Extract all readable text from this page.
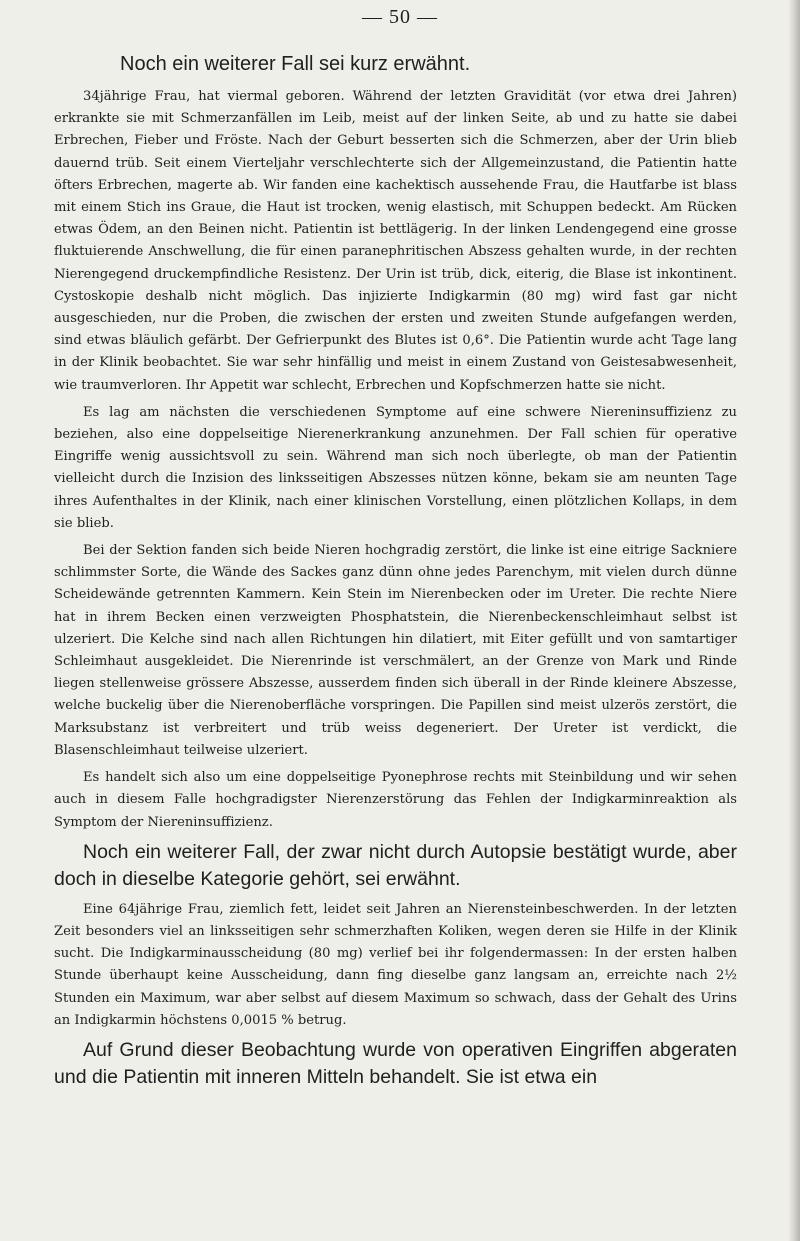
— 50 —
Noch ein weiterer Fall sei kurz erwähnt.

34jährige Frau, hat viermal geboren. Während der letzten Gravidität (vor etwa drei Jahren) erkrankte sie mit Schmerzanfällen im Leib, meist auf der linken Seite, ab und zu hatte sie dabei Erbrechen, Fieber und Fröste. Nach der Geburt besserten sich die Schmerzen, aber der Urin blieb dauernd trüb. Seit einem Vierteljahr verschlechterte sich der Allgemeinzustand, die Patientin hatte öfters Erbrechen, magerte ab. Wir fanden eine kachektisch aussehende Frau, die Hautfarbe ist blass mit einem Stich ins Graue, die Haut ist trocken, wenig elastisch, mit Schuppen bedeckt. Am Rücken etwas Ödem, an den Beinen nicht. Patientin ist bettlägerig. In der linken Lendengegend eine grosse fluktuierende Anschwellung, die für einen paranephritischen Abszess gehalten wurde, in der rechten Nierengegend druckempfindliche Resistenz. Der Urin ist trüb, dick, eiterig, die Blase ist inkontinent. Cystoskopie deshalb nicht möglich. Das injizierte Indigkarmin (80 mg) wird fast gar nicht ausgeschieden, nur die Proben, die zwischen der ersten und zweiten Stunde aufgefangen werden, sind etwas bläulich gefärbt. Der Gefrierpunkt des Blutes ist 0,6°. Die Patientin wurde acht Tage lang in der Klinik beobachtet. Sie war sehr hinfällig und meist in einem Zustand von Geistesabwesenheit, wie traumverloren. Ihr Appetit war schlecht, Erbrechen und Kopfschmerzen hatte sie nicht.

Es lag am nächsten die verschiedenen Symptome auf eine schwere Niereninsuffizienz zu beziehen, also eine doppelseitige Nierenerkrankung anzunehmen. Der Fall schien für operative Eingriffe wenig aussichtsvoll zu sein. Während man sich noch überlegte, ob man der Patientin vielleicht durch die Inzision des linksseitigen Abszesses nützen könne, bekam sie am neunten Tage ihres Aufenthaltes in der Klinik, nach einer klinischen Vorstellung, einen plötzlichen Kollaps, in dem sie blieb.

Bei der Sektion fanden sich beide Nieren hochgradig zerstört, die linke ist eine eitrige Sackniere schlimmster Sorte, die Wände des Sackes ganz dünn ohne jedes Parenchym, mit vielen durch dünne Scheidewände getrennten Kammern. Kein Stein im Nierenbecken oder im Ureter. Die rechte Niere hat in ihrem Becken einen verzweigten Phosphatstein, die Nierenbeckenschleimhaut selbst ist ulzeriert. Die Kelche sind nach allen Richtungen hin dilatiert, mit Eiter gefüllt und von samtartiger Schleimhaut ausgekleidet. Die Nierenrinde ist verschmälert, an der Grenze von Mark und Rinde liegen stellenweise grössere Abszesse, ausserdem finden sich überall in der Rinde kleinere Abszesse, welche buckelig über die Nierenoberfläche vorspringen. Die Papillen sind meist ulzerös zerstört, die Marksubstanz ist verbreitert und trüb weiss degeneriert. Der Ureter ist verdickt, die Blasenschleimhaut teilweise ulzeriert.

Es handelt sich also um eine doppelseitige Pyonephrose rechts mit Steinbildung und wir sehen auch in diesem Falle hochgradigster Nierenzerstörung das Fehlen der Indigkarminreaktion als Symptom der Niereninsuffizienz.

Noch ein weiterer Fall, der zwar nicht durch Autopsie bestätigt wurde, aber doch in dieselbe Kategorie gehört, sei erwähnt.

Eine 64jährige Frau, ziemlich fett, leidet seit Jahren an Nierensteinbeschwerden. In der letzten Zeit besonders viel an linksseitigen sehr schmerzhaften Koliken, wegen deren sie Hilfe in der Klinik sucht. Die Indigkarminausscheidung (80 mg) verlief bei ihr folgendermassen: In der ersten halben Stunde überhaupt keine Ausscheidung, dann fing dieselbe ganz langsam an, erreichte nach 2½ Stunden ein Maximum, war aber selbst auf diesem Maximum so schwach, dass der Gehalt des Urins an Indigkarmin höchstens 0,0015 % betrug.

Auf Grund dieser Beobachtung wurde von operativen Eingriffen abgeraten und die Patientin mit inneren Mitteln behandelt. Sie ist etwa ein
